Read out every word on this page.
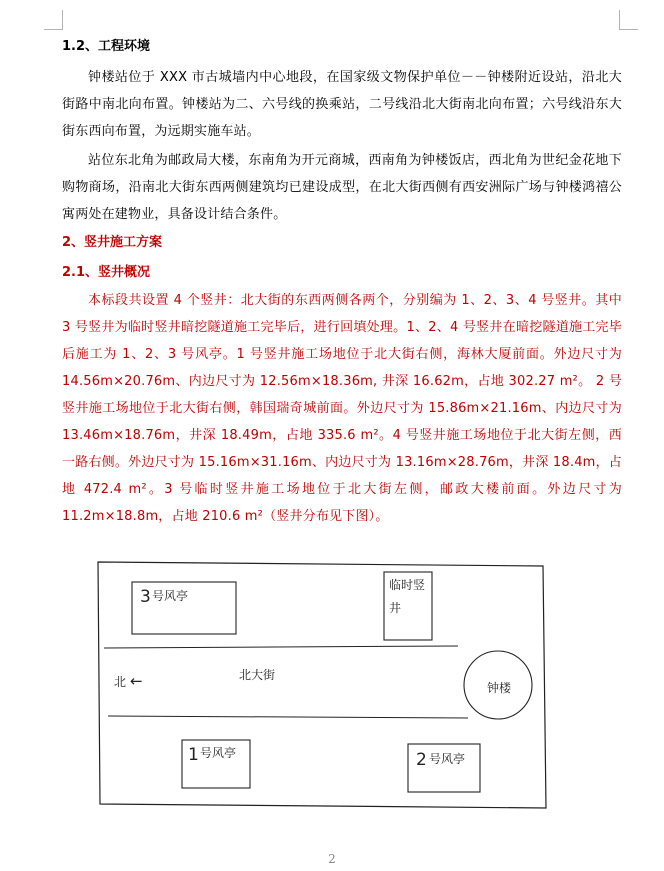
1.2、工程环境

钟楼站位于 XXX 市古城墙内中心地段，在国家级文物保护单位－－钟楼附近设站，沿北大街路中南北向布置。钟楼站为二、六号线的换乘站，二号线沿北大街南北向布置；六号线沿东大街东西向布置，为远期实施车站。

站位东北角为邮政局大楼，东南角为开元商城，西南角为钟楼饭店，西北角为世纪金花地下购物商场，沿南北大街东西两侧建筑均已建设成型，在北大街西侧有西安洲际广场与钟楼鸿禧公寓两处在建物业，具备设计结合条件。

2、竖井施工方案
2.1、竖井概况

本标段共设置 4 个竖井：北大街的东西两侧各两个，分别编为 1、2、3、4 号竖井。其中 3 号竖井为临时竖井暗挖隧道施工完毕后，进行回填处理。1、2、4 号竖井在暗挖隧道施工完毕后施工为 1、2、3 号风亭。1 号竖井施工场地位于北大街右侧，海林大厦前面。外边尺寸为 14.56m×20.76m、内边尺寸为 12.56m×18.36m, 井深 16.62m，占地 302.27 m²。 2 号竖井施工场地位于北大街右侧，韩国瑞奇城前面。外边尺寸为 15.86m×21.16m、内边尺寸为 13.46m×18.76m，井深 18.49m，占地 335.6 m²。4 号竖井施工场地位于北大街左侧，西一路右侧。外边尺寸为 15.16m×31.16m、内边尺寸为 13.16m×28.76m，井深 18.4m，占地 472.4 m²。3 号临时竖井施工场地位于北大街左侧，邮政大楼前面。外边尺寸为 11.2m×18.8m，占地 210.6 m²（竖井分布见下图）。

3 号风亭
临时竖
井
北 ←	北大街
钟楼
1 号风亭	2 号风亭
2
